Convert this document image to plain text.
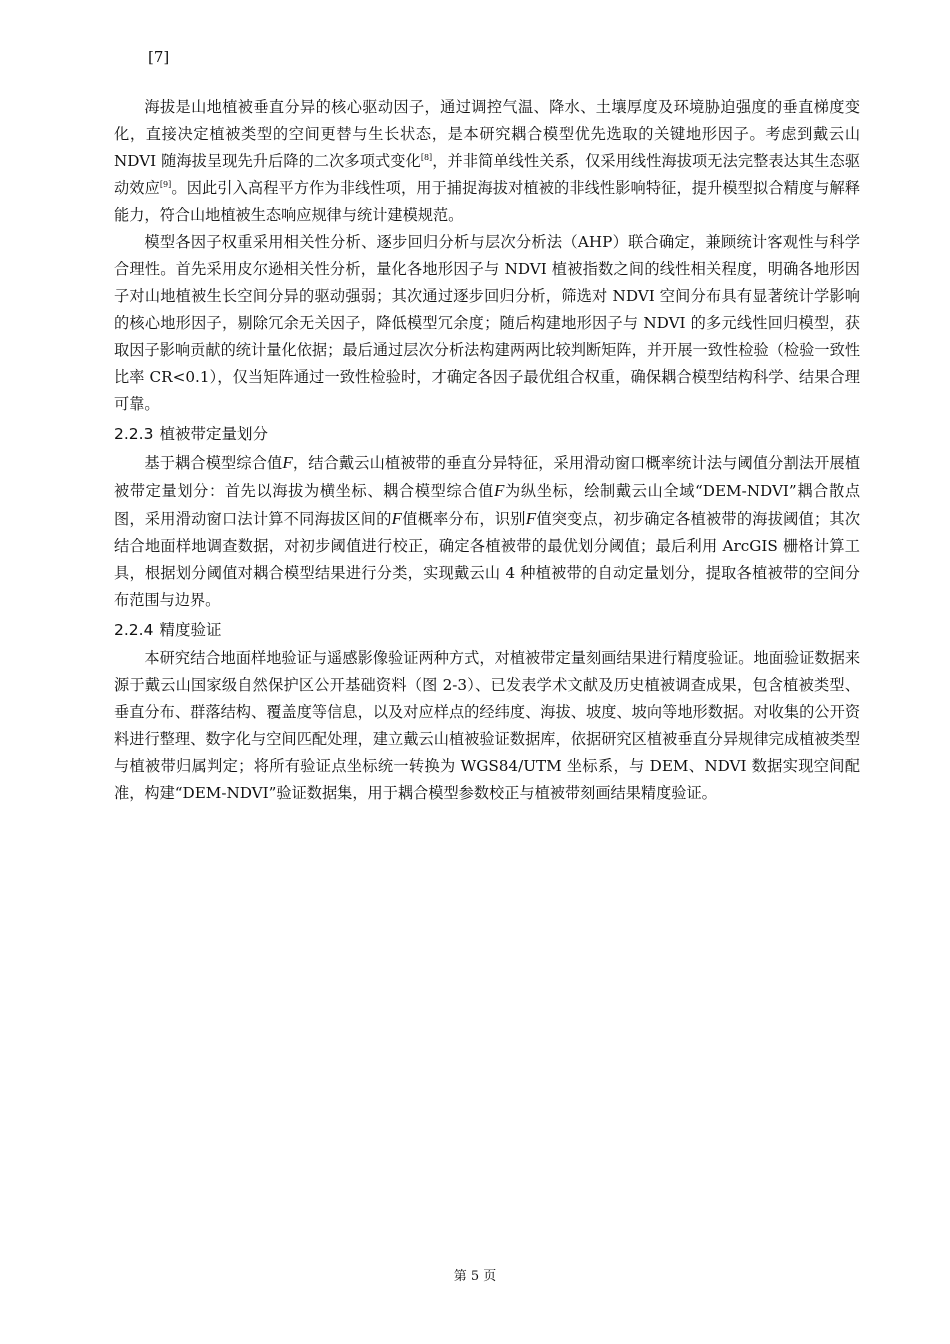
[7]

海拔是山地植被垂直分异的核心驱动因子，通过调控气温、降水、土壤厚度及环境胁迫强度的垂直梯度变化，直接决定植被类型的空间更替与生长状态，是本研究耦合模型优先选取的关键地形因子。考虑到戴云山 NDVI 随海拔呈现先升后降的二次多项式变化[8]，并非简单线性关系，仅采用线性海拔项无法完整表达其生态驱动效应[9]。因此引入高程平方作为非线性项，用于捕捉海拔对植被的非线性影响特征，提升模型拟合精度与解释能力，符合山地植被生态响应规律与统计建模规范。

模型各因子权重采用相关性分析、逐步回归分析与层次分析法（AHP）联合确定，兼顾统计客观性与科学合理性。首先采用皮尔逊相关性分析，量化各地形因子与 NDVI 植被指数之间的线性相关程度，明确各地形因子对山地植被生长空间分异的驱动强弱；其次通过逐步回归分析，筛选对 NDVI 空间分布具有显著统计学影响的核心地形因子，剔除冗余无关因子，降低模型冗余度；随后构建地形因子与 NDVI 的多元线性回归模型，获取因子影响贡献的统计量化依据；最后通过层次分析法构建两两比较判断矩阵，并开展一致性检验（检验一致性比率 CR<0.1），仅当矩阵通过一致性检验时，才确定各因子最优组合权重，确保耦合模型结构科学、结果合理可靠。

2.2.3 植被带定量划分

基于耦合模型综合值F，结合戴云山植被带的垂直分异特征，采用滑动窗口概率统计法与阈值分割法开展植被带定量划分：首先以海拔为横坐标、耦合模型综合值F为纵坐标，绘制戴云山全域“DEM-NDVI”耦合散点图，采用滑动窗口法计算不同海拔区间的F值概率分布，识别F值突变点，初步确定各植被带的海拔阈值；其次结合地面样地调查数据，对初步阈值进行校正，确定各植被带的最优划分阈值；最后利用 ArcGIS 栅格计算工具，根据划分阈值对耦合模型结果进行分类，实现戴云山 4 种植被带的自动定量划分，提取各植被带的空间分布范围与边界。

2.2.4 精度验证

本研究结合地面样地验证与遥感影像验证两种方式，对植被带定量刻画结果进行精度验证。地面验证数据来源于戴云山国家级自然保护区公开基础资料（图 2-3）、已发表学术文献及历史植被调查成果，包含植被类型、垂直分布、群落结构、覆盖度等信息，以及对应样点的经纬度、海拔、坡度、坡向等地形数据。对收集的公开资料进行整理、数字化与空间匹配处理，建立戴云山植被验证数据库，依据研究区植被垂直分异规律完成植被类型与植被带归属判定；将所有验证点坐标统一转换为 WGS84/UTM 坐标系，与 DEM、NDVI 数据实现空间配准，构建“DEM-NDVI”验证数据集，用于耦合模型参数校正与植被带刻画结果精度验证。

第 5 页
